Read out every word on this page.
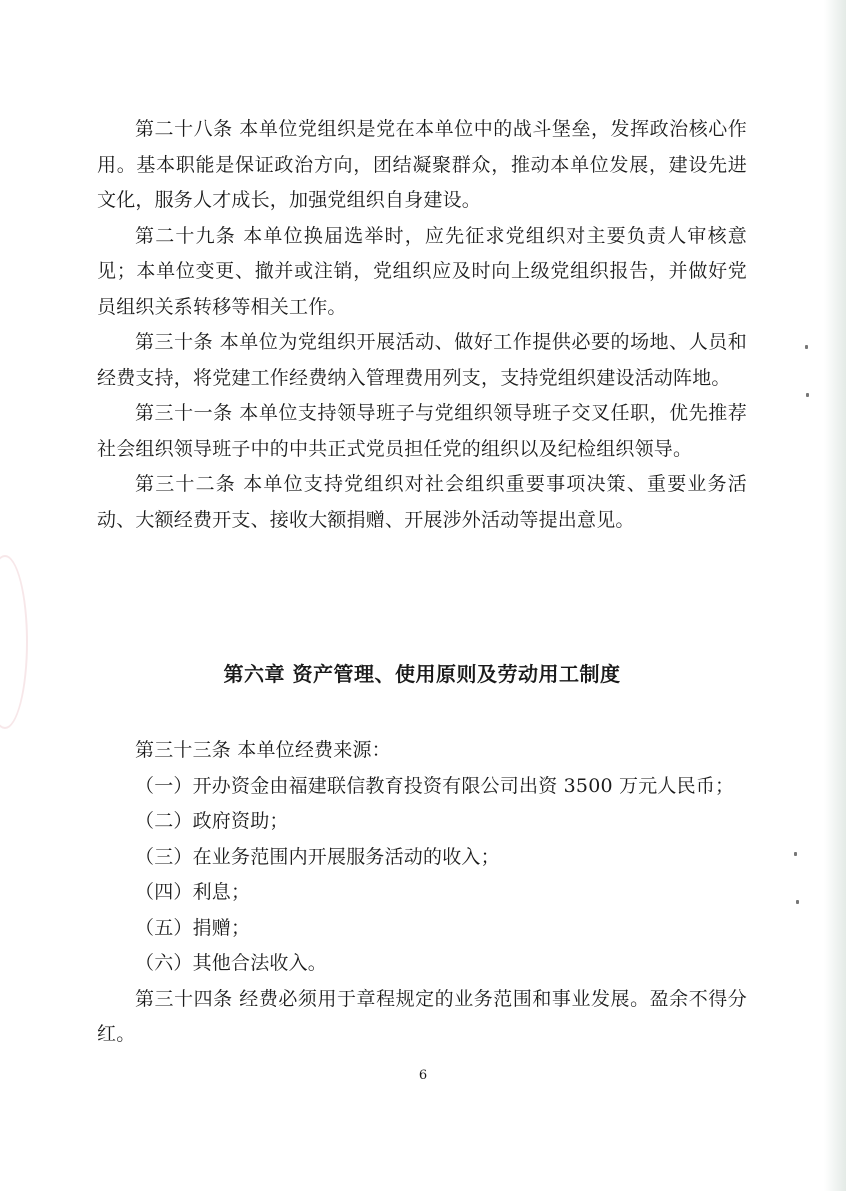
第二十八条 本单位党组织是党在本单位中的战斗堡垒，发挥政治核心作用。基本职能是保证政治方向，团结凝聚群众，推动本单位发展，建设先进文化，服务人才成长，加强党组织自身建设。

第二十九条 本单位换届选举时，应先征求党组织对主要负责人审核意见；本单位变更、撤并或注销，党组织应及时向上级党组织报告，并做好党员组织关系转移等相关工作。

第三十条 本单位为党组织开展活动、做好工作提供必要的场地、人员和经费支持，将党建工作经费纳入管理费用列支，支持党组织建设活动阵地。

第三十一条 本单位支持领导班子与党组织领导班子交叉任职，优先推荐社会组织领导班子中的中共正式党员担任党的组织以及纪检组织领导。

第三十二条 本单位支持党组织对社会组织重要事项决策、重要业务活动、大额经费开支、接收大额捐赠、开展涉外活动等提出意见。

第六章 资产管理、使用原则及劳动用工制度

第三十三条 本单位经费来源：

（一）开办资金由福建联信教育投资有限公司出资 3500 万元人民币；

（二）政府资助；

（三）在业务范围内开展服务活动的收入；

（四）利息；

（五）捐赠；

（六）其他合法收入。

第三十四条 经费必须用于章程规定的业务范围和事业发展。盈余不得分红。

6
